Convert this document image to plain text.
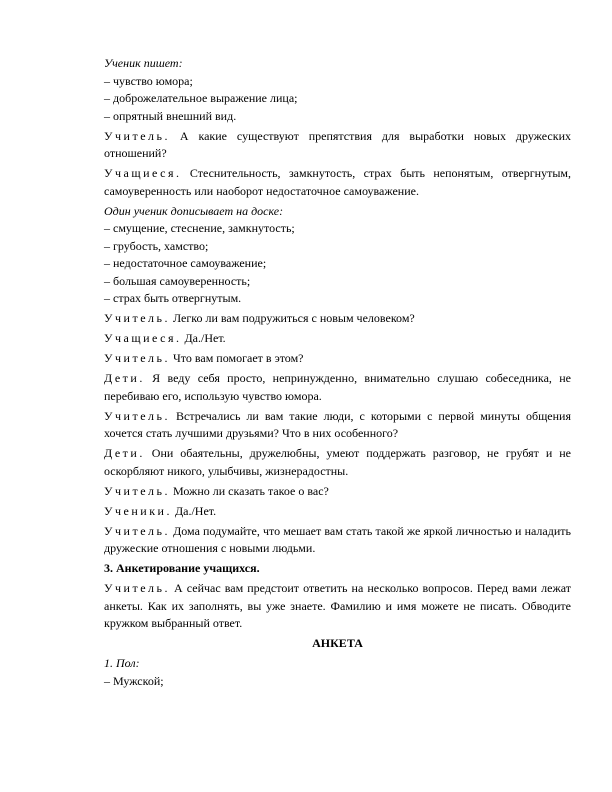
Ученик пишет:

– чувство юмора;

– доброжелательное выражение лица;

– опрятный внешний вид.

Учитель. А какие существуют препятствия для выработки новых дружеских отношений?

Учащиеся. Стеснительность, замкнутость, страх быть непонятым, отвергнутым, самоуверенность или наоборот недостаточное самоуважение.

Один ученик дописывает на доске:

– смущение, стеснение, замкнутость;

– грубость, хамство;

– недостаточное самоуважение;

– большая самоуверенность;

– страх быть отвергнутым.

Учитель. Легко ли вам подружиться с новым человеком?

Учащиеся. Да./Нет.

Учитель. Что вам помогает в этом?

Дети. Я веду себя просто, непринужденно, внимательно слушаю собеседника, не перебиваю его, использую чувство юмора.

Учитель. Встречались ли вам такие люди, с которыми с первой минуты общения хочется стать лучшими друзьями? Что в них особенного?

Дети. Они обаятельны, дружелюбны, умеют поддержать разговор, не грубят и не оскорбляют никого, улыбчивы, жизнерадостны.

Учитель. Можно ли сказать такое о вас?

Ученики. Да./Нет.

Учитель. Дома подумайте, что мешает вам стать такой же яркой личностью и наладить дружеские отношения с новыми людьми.

3. Анкетирование учащихся.

Учитель. А сейчас вам предстоит ответить на несколько вопросов. Перед вами лежат анкеты. Как их заполнять, вы уже знаете. Фамилию и имя можете не писать. Обводите кружком выбранный ответ.

АНКЕТА

1. Пол:

– Мужской;
